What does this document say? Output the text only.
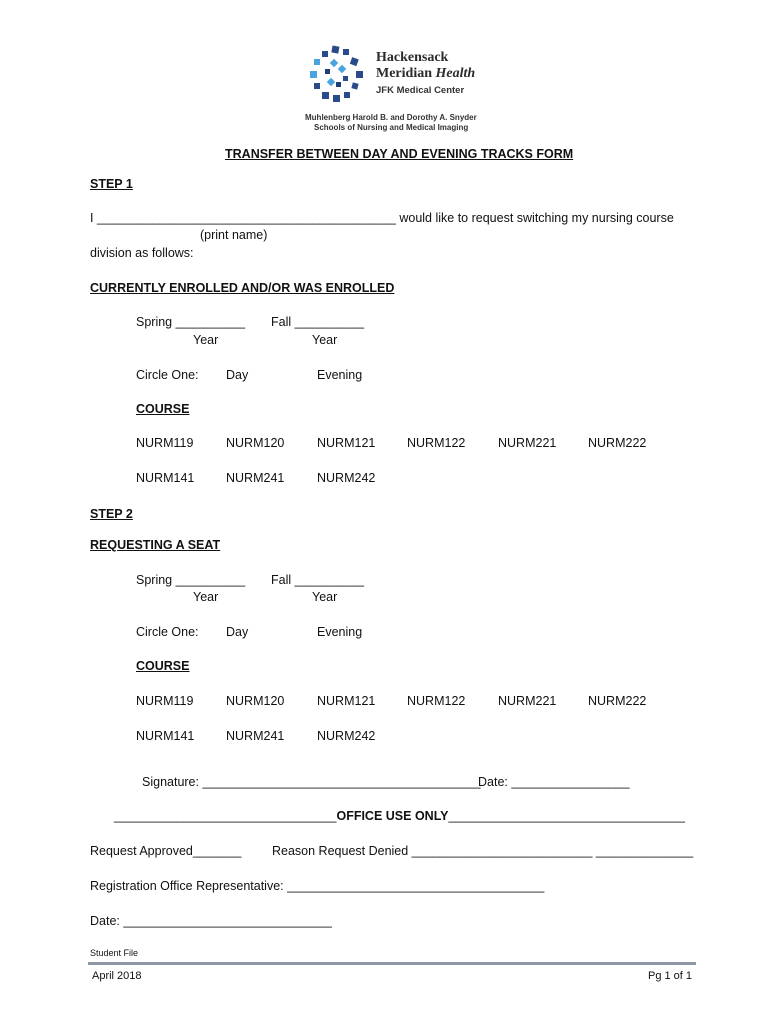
Hackensack
Meridian Health
JFK Medical Center
Muhlenberg Harold B. and Dorothy A. Snyder
Schools of Nursing and Medical Imaging
TRANSFER BETWEEN DAY AND EVENING TRACKS FORM
STEP 1
I ___________________________________________ would like to request switching my nursing course
(print name)
division as follows:
CURRENTLY ENROLLED AND/OR WAS ENROLLED
Spring __________ Fall __________
Year	Year
Circle One: Day	Evening
COURSE
NURM119	NURM120	NURM121	NURM122	NURM221	NURM222
NURM141	NURM241	NURM242
STEP 2
REQUESTING A SEAT
Spring __________ Fall __________
Year	Year
Circle One: Day	Evening
COURSE
NURM119	NURM120	NURM121	NURM122	NURM221	NURM222
NURM141	NURM241	NURM242
Signature: ________________________________________
Date: _________________
________________________________OFFICE USE ONLY__________________________________
Request Approved_______ Reason Request Denied __________________________ ______________
Registration Office Representative: _____________________________________
Date: ______________________________
Student File
April 2018	Pg 1 of 1
